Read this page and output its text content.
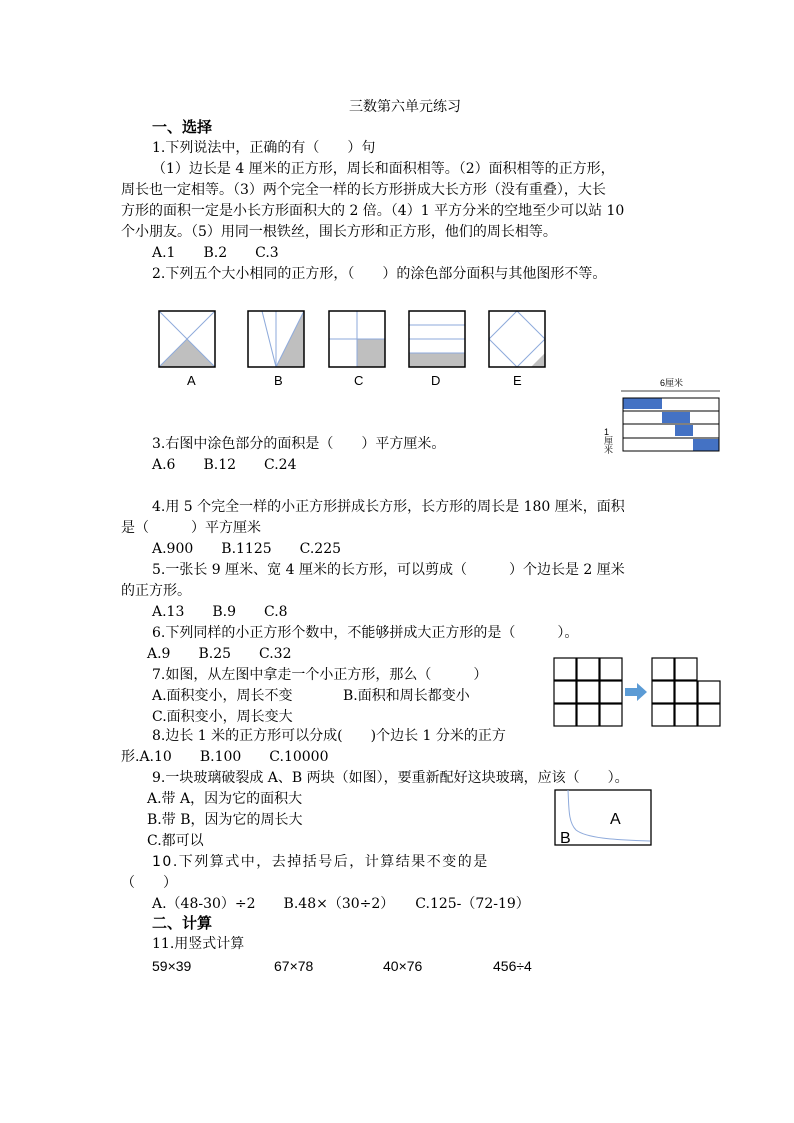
三数第六单元练习
一、选择
1.下列说法中，正确的有（　　）句
（1）边长是 4 厘米的正方形，周长和面积相等。（2）面积相等的正方形，
周长也一定相等。（3）两个完全一样的长方形拼成大长方形（没有重叠），大长
方形的面积一定是小长方形面积大的 2 倍。（4）1 平方分米的空地至少可以站 10
个小朋友。（5）用同一根铁丝，围长方形和正方形，他们的周长相等。
A.1　　B.2　　C.3
2.下列五个大小相同的正方形，（　　）的涂色部分面积与其他图形不等。
A	B	C	D	E	6厘米
1厘米
3.右图中涂色部分的面积是（　　）平方厘米。
A.6　　B.12　　C.24
4.用 5 个完全一样的小正方形拼成长方形，长方形的周长是 180 厘米，面积
是（　　　）平方厘米
A.900　　B.1125　　C.225
5.一张长 9 厘米、宽 4 厘米的长方形，可以剪成（　　　）个边长是 2 厘米
的正方形。
A.13　　B.9　　C.8
6.下列同样的小正方形个数中，不能够拼成大正方形的是（　　　）。
A.9　　B.25　　C.32
7.如图，从左图中拿走一个小正方形，那么（　　　）
A.面积变小，周长不变	B.面积和周长都变小
C.面积变小，周长变大
8.边长 1 米的正方形可以分成(　　)个边长 1 分米的正方
形.A.10　　B.100　　C.10000
9.一块玻璃破裂成 A、B 两块（如图），要重新配好这块玻璃，应该（　　）。
A.带 A，因为它的面积大
B.带 B，因为它的周长大
C.都可以
A
B
10.下列算式中，去掉括号后，计算结果不变的是
（　　）
A.（48-30）÷2　　B.48×（30÷2）　　C.125-（72-19）
二、计算
11.用竖式计算
59×39	67×78	40×76	456÷4
